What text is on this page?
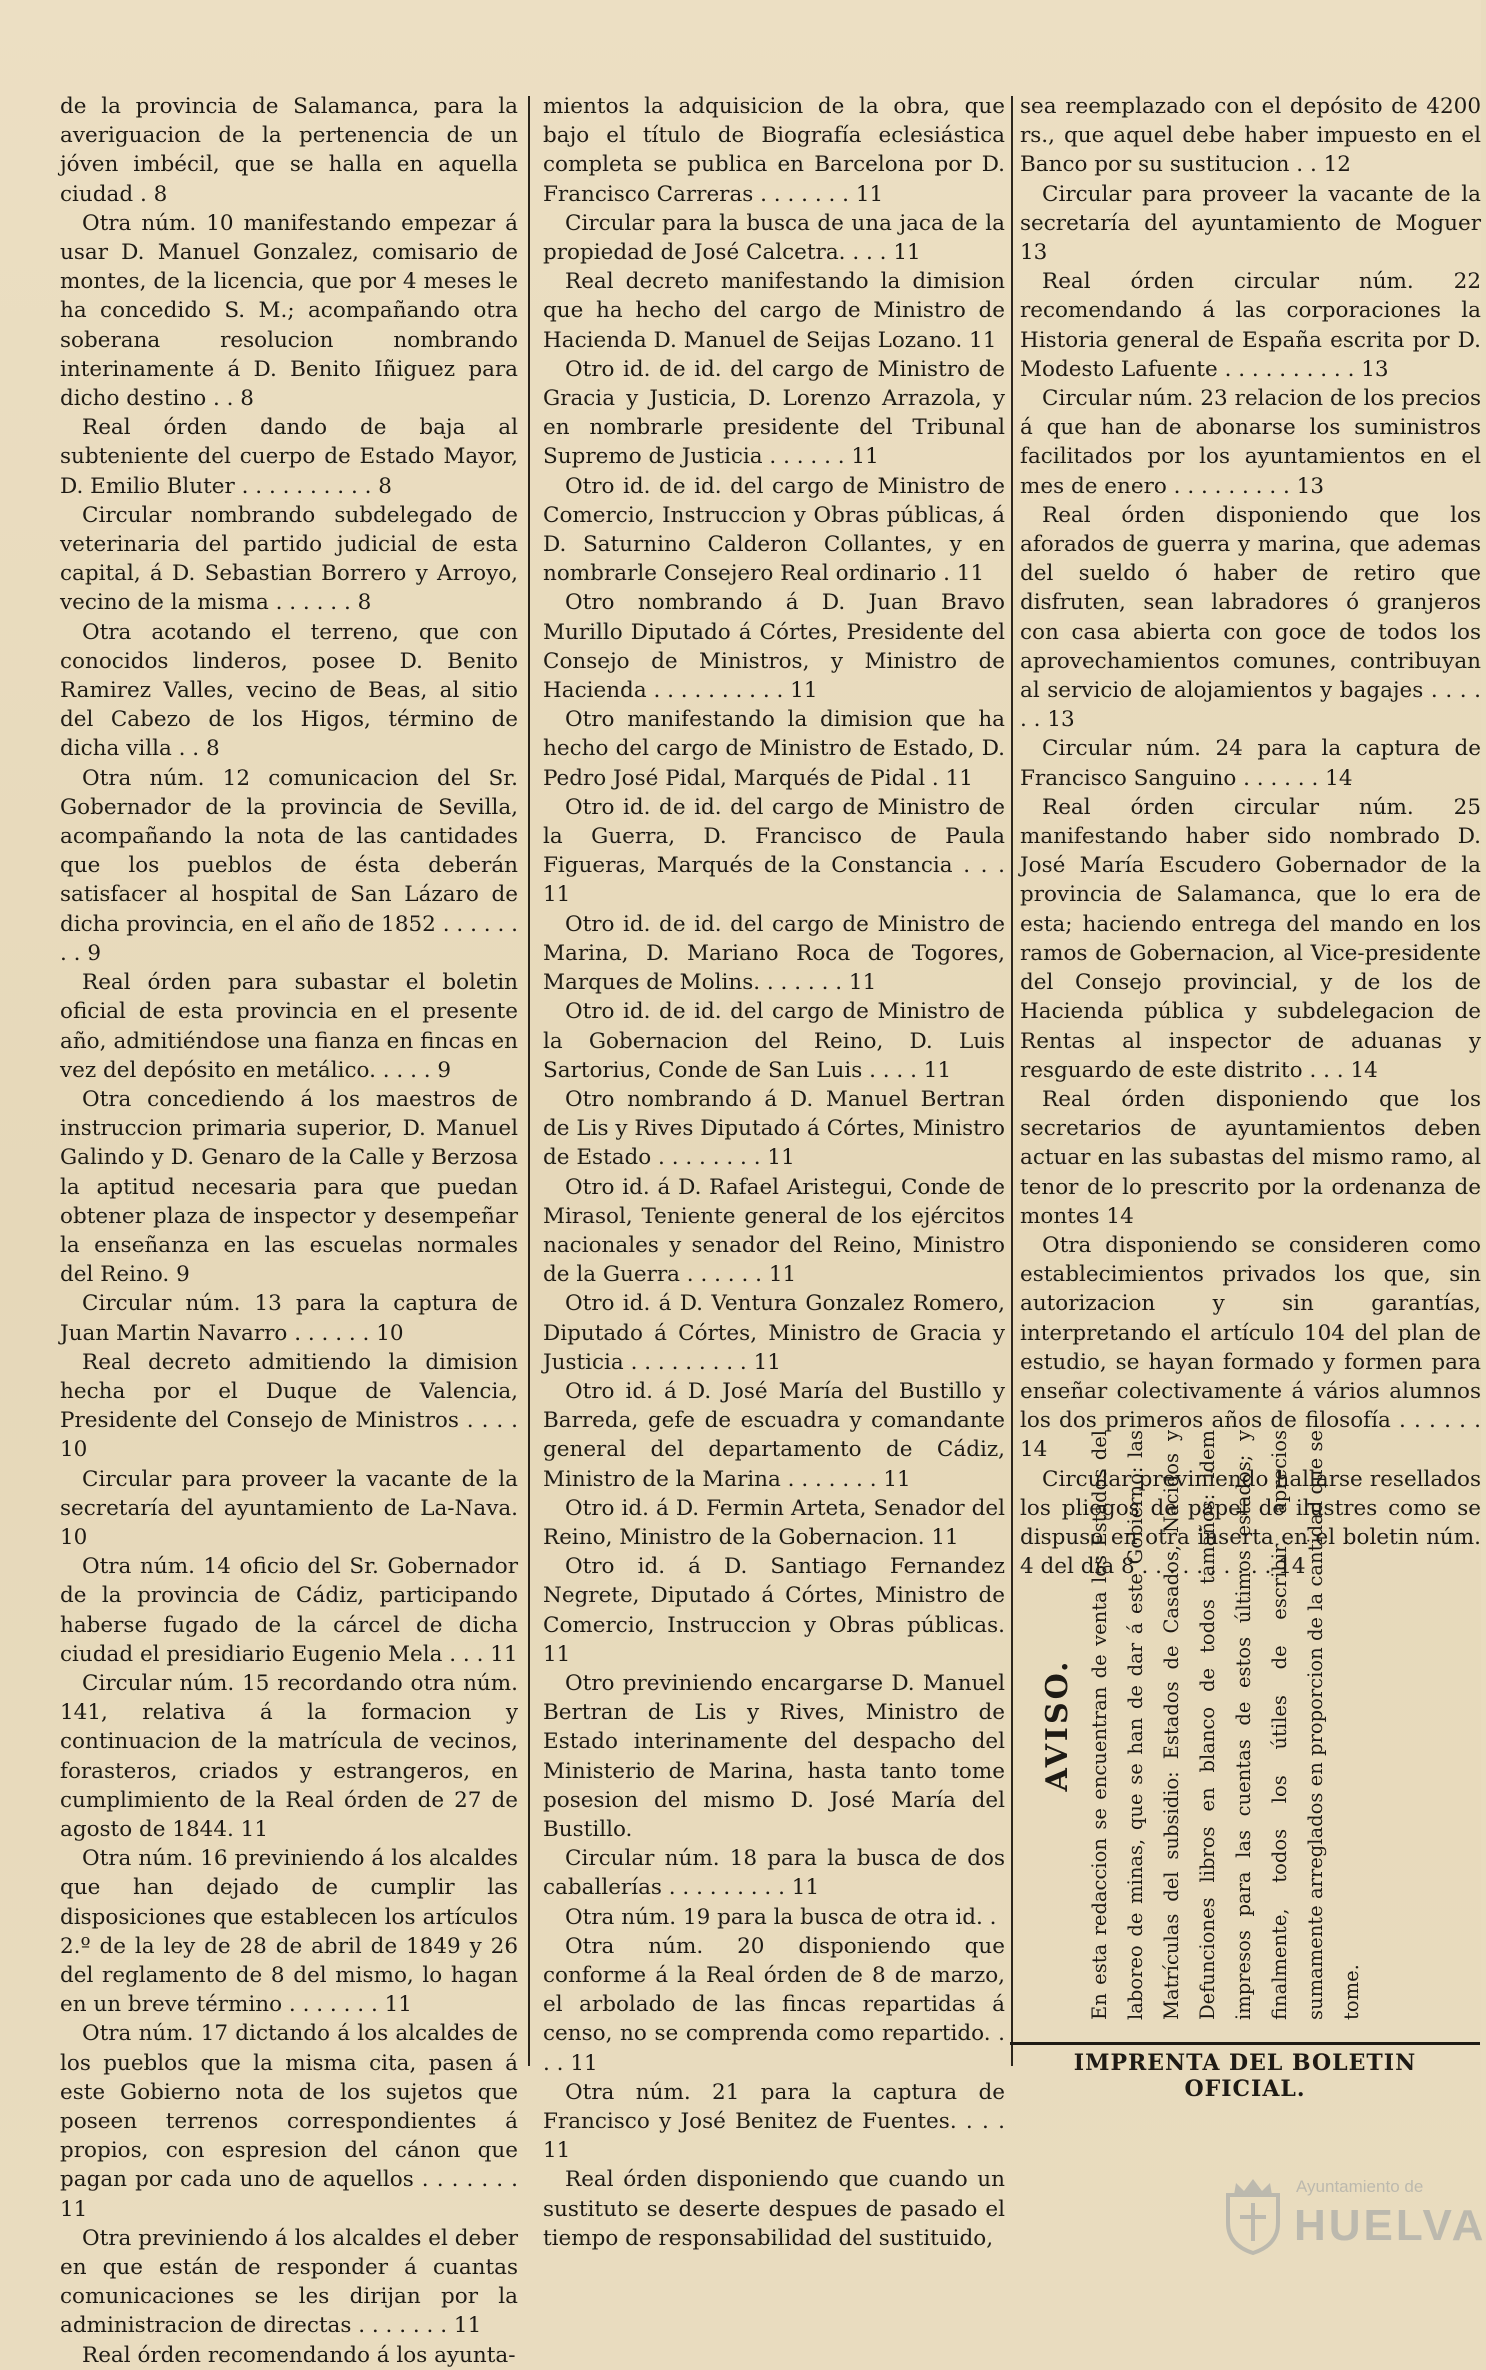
de la provincia de Salamanca, para la averiguacion de la pertenencia de un jóven imbécil, que se halla en aquella ciudad . 8

Otra núm. 10 manifestando empezar á usar D. Manuel Gonzalez, comisario de montes, de la licencia, que por 4 meses le ha concedido S. M.; acompañando otra soberana resolucion nombrando interinamente á D. Benito Iñiguez para dicho destino . . 8

Real órden dando de baja al subteniente del cuerpo de Estado Mayor, D. Emilio Bluter . . . . . . . . . . 8

Circular nombrando subdelegado de veterinaria del partido judicial de esta capital, á D. Sebastian Borrero y Arroyo, vecino de la misma . . . . . . 8

Otra acotando el terreno, que con conocidos linderos, posee D. Benito Ramirez Valles, vecino de Beas, al sitio del Cabezo de los Higos, término de dicha villa . . 8

Otra núm. 12 comunicacion del Sr. Gobernador de la provincia de Sevilla, acompañando la nota de las cantidades que los pueblos de ésta deberán satisfacer al hospital de San Lázaro de dicha provincia, en el año de 1852 . . . . . . . . 9

Real órden para subastar el boletin oficial de esta provincia en el presente año, admitiéndose una fianza en fincas en vez del depósito en metálico. . . . . 9

Otra concediendo á los maestros de instruccion primaria superior, D. Manuel Galindo y D. Genaro de la Calle y Berzosa la aptitud necesaria para que puedan obtener plaza de inspector y desempeñar la enseñanza en las escuelas normales del Reino. 9

Circular núm. 13 para la captura de Juan Martin Navarro . . . . . . 10

Real decreto admitiendo la dimision hecha por el Duque de Valencia, Presidente del Consejo de Ministros . . . . 10

Circular para proveer la vacante de la secretaría del ayuntamiento de La-Nava. 10

Otra núm. 14 oficio del Sr. Gobernador de la provincia de Cádiz, participando haberse fugado de la cárcel de dicha ciudad el presidiario Eugenio Mela . . . 11

Circular núm. 15 recordando otra núm. 141, relativa á la formacion y continuacion de la matrícula de vecinos, forasteros, criados y estrangeros, en cumplimiento de la Real órden de 27 de agosto de 1844. 11

Otra núm. 16 previniendo á los alcaldes que han dejado de cumplir las disposiciones que establecen los artículos 2.º de la ley de 28 de abril de 1849 y 26 del reglamento de 8 del mismo, lo hagan en un breve término . . . . . . . 11

Otra núm. 17 dictando á los alcaldes de los pueblos que la misma cita, pasen á este Gobierno nota de los sujetos que poseen terrenos correspondientes á propios, con espresion del cánon que pagan por cada uno de aquellos . . . . . . . 11

Otra previniendo á los alcaldes el deber en que están de responder á cuantas comunicaciones se les dirijan por la administracion de directas . . . . . . . 11

Real órden recomendando á los ayunta-

mientos la adquisicion de la obra, que bajo el título de Biografía eclesiástica completa se publica en Barcelona por D. Francisco Carreras . . . . . . . 11

Circular para la busca de una jaca de la propiedad de José Calcetra. . . . 11

Real decreto manifestando la dimision que ha hecho del cargo de Ministro de Hacienda D. Manuel de Seijas Lozano. 11

Otro id. de id. del cargo de Ministro de Gracia y Justicia, D. Lorenzo Arrazola, y en nombrarle presidente del Tribunal Supremo de Justicia . . . . . . 11

Otro id. de id. del cargo de Ministro de Comercio, Instruccion y Obras públicas, á D. Saturnino Calderon Collantes, y en nombrarle Consejero Real ordinario . 11

Otro nombrando á D. Juan Bravo Murillo Diputado á Córtes, Presidente del Consejo de Ministros, y Ministro de Hacienda . . . . . . . . . . 11

Otro manifestando la dimision que ha hecho del cargo de Ministro de Estado, D. Pedro José Pidal, Marqués de Pidal . 11

Otro id. de id. del cargo de Ministro de la Guerra, D. Francisco de Paula Figueras, Marqués de la Constancia . . . 11

Otro id. de id. del cargo de Ministro de Marina, D. Mariano Roca de Togores, Marques de Molins. . . . . . . 11

Otro id. de id. del cargo de Ministro de la Gobernacion del Reino, D. Luis Sartorius, Conde de San Luis . . . . 11

Otro nombrando á D. Manuel Bertran de Lis y Rives Diputado á Córtes, Ministro de Estado . . . . . . . . 11

Otro id. á D. Rafael Aristegui, Conde de Mirasol, Teniente general de los ejércitos nacionales y senador del Reino, Ministro de la Guerra . . . . . . 11

Otro id. á D. Ventura Gonzalez Romero, Diputado á Córtes, Ministro de Gracia y Justicia . . . . . . . . . 11

Otro id. á D. José María del Bustillo y Barreda, gefe de escuadra y comandante general del departamento de Cádiz, Ministro de la Marina . . . . . . . 11

Otro id. á D. Fermin Arteta, Senador del Reino, Ministro de la Gobernacion. 11

Otro id. á D. Santiago Fernandez Negrete, Diputado á Córtes, Ministro de Comercio, Instruccion y Obras públicas. 11

Otro previniendo encargarse D. Manuel Bertran de Lis y Rives, Ministro de Estado interinamente del despacho del Ministerio de Marina, hasta tanto tome posesion del mismo D. José María del Bustillo.

Circular núm. 18 para la busca de dos caballerías . . . . . . . . . 11

Otra núm. 19 para la busca de otra id. .

Otra núm. 20 disponiendo que conforme á la Real órden de 8 de marzo, el arbolado de las fincas repartidas á censo, no se comprenda como repartido. . . . 11

Otra núm. 21 para la captura de Francisco y José Benitez de Fuentes. . . . 11

Real órden disponiendo que cuando un sustituto se deserte despues de pasado el tiempo de responsabilidad del sustituido,

sea reemplazado con el depósito de 4200 rs., que aquel debe haber impuesto en el Banco por su sustitucion . . 12

Circular para proveer la vacante de la secretaría del ayuntamiento de Moguer 13

Real órden circular núm. 22 recomendando á las corporaciones la Historia general de España escrita por D. Modesto Lafuente . . . . . . . . . . 13

Circular núm. 23 relacion de los precios á que han de abonarse los suministros facilitados por los ayuntamientos en el mes de enero . . . . . . . . . 13

Real órden disponiendo que los aforados de guerra y marina, que ademas del sueldo ó haber de retiro que disfruten, sean labradores ó granjeros con casa abierta con goce de todos los aprovechamientos comunes, contribuyan al servicio de alojamientos y bagajes . . . . . . 13

Circular núm. 24 para la captura de Francisco Sanguino . . . . . . 14

Real órden circular núm. 25 manifestando haber sido nombrado D. José María Escudero Gobernador de la provincia de Salamanca, que lo era de esta; haciendo entrega del mando en los ramos de Gobernacion, al Vice-presidente del Consejo provincial, y de los de Hacienda pública y subdelegacion de Rentas al inspector de aduanas y resguardo de este distrito . . . 14

Real órden disponiendo que los secretarios de ayuntamientos deben actuar en las subastas del mismo ramo, al tenor de lo prescrito por la ordenanza de montes 14

Otra disponiendo se consideren como establecimientos privados los que, sin autorizacion y sin garantías, interpretando el artículo 104 del plan de estudio, se hayan formado y formen para enseñar colectivamente á vários alumnos los dos primeros años de filosofía . . . . . . 14

Circular previniendo hallarse resellados los pliegos de papel de ilustres como se dispuso en otra inserta en el boletin núm. 4 del dia 8 . . . . . . . . . . 14

AVISO. En esta redaccion se encuentran de venta los Estados del laboreo de minas, que se han de dar á este Gobierno: las Matrículas del subsidio: Estados de Casados, Nacidos y Defunciones libros en blanco de todos tamaños: idem impresos para las cuentas de estos últimos estados; y finalmente, todos los útiles de escribir, aprecios sumamente arreglados en proporcion de la cantidad que se tome.
IMPRENTA DEL BOLETIN OFICIAL.
Ayuntamiento de
HUELVA
